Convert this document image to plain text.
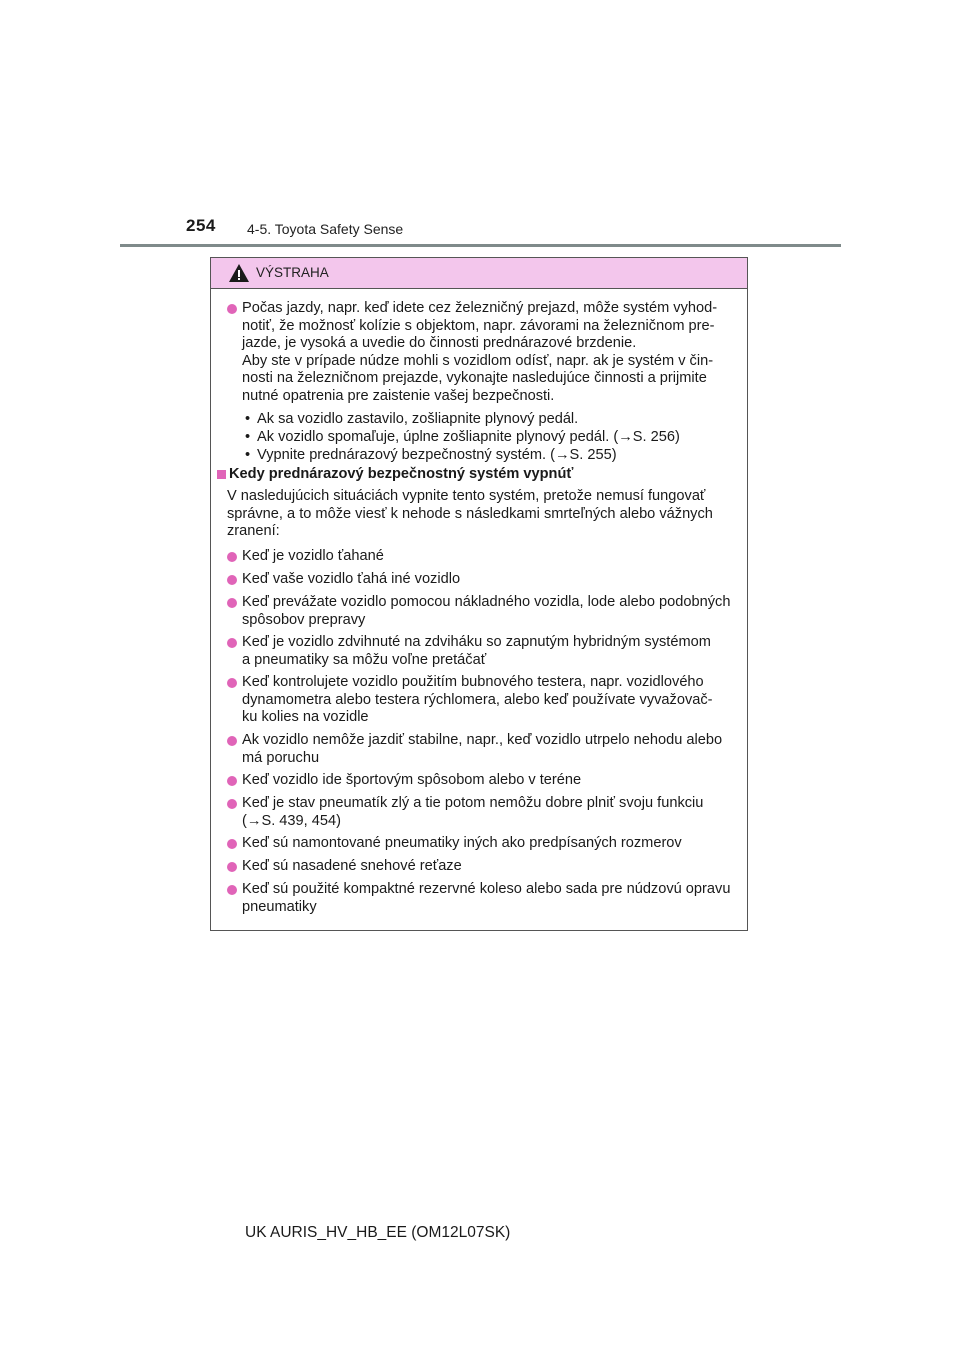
254 4-5. Toyota Safety Sense
VÝSTRAHA
Počas jazdy, napr. keď idete cez železničný prejazd, môže systém vyhod-
notiť, že možnosť kolízie s objektom, napr. závorami na železničnom pre-
jazde, je vysoká a uvedie do činnosti prednárazové brzdenie.
Aby ste v prípade núdze mohli s vozidlom odísť, napr. ak je systém v čin-
nosti na železničnom prejazde, vykonajte nasledujúce činnosti a prijmite
nutné opatrenia pre zaistenie vašej bezpečnosti.
• Ak sa vozidlo zastavilo, zošliapnite plynový pedál.
• Ak vozidlo spomaľuje, úplne zošliapnite plynový pedál. (→S. 256)
• Vypnite prednárazový bezpečnostný systém. (→S. 255)
Kedy prednárazový bezpečnostný systém vypnúť
V nasledujúcich situáciách vypnite tento systém, pretože nemusí fungovať
správne, a to môže viesť k nehode s následkami smrteľných alebo vážnych
zranení:
Keď je vozidlo ťahané
Keď vaše vozidlo ťahá iné vozidlo
Keď prevážate vozidlo pomocou nákladného vozidla, lode alebo podobných
spôsobov prepravy
Keď je vozidlo zdvihnuté na zdviháku so zapnutým hybridným systémom
a pneumatiky sa môžu voľne pretáčať
Keď kontrolujete vozidlo použitím bubnového testera, napr. vozidlového
dynamometra alebo testera rýchlomera, alebo keď používate vyvažovač-
ku kolies na vozidle
Ak vozidlo nemôže jazdiť stabilne, napr., keď vozidlo utrpelo nehodu alebo
má poruchu
Keď vozidlo ide športovým spôsobom alebo v teréne
Keď je stav pneumatík zlý a tie potom nemôžu dobre plniť svoju funkciu
(→S. 439, 454)
Keď sú namontované pneumatiky iných ako predpísaných rozmerov
Keď sú nasadené snehové reťaze
Keď sú použité kompaktné rezervné koleso alebo sada pre núdzovú opravu
pneumatiky
UK AURIS_HV_HB_EE (OM12L07SK)
